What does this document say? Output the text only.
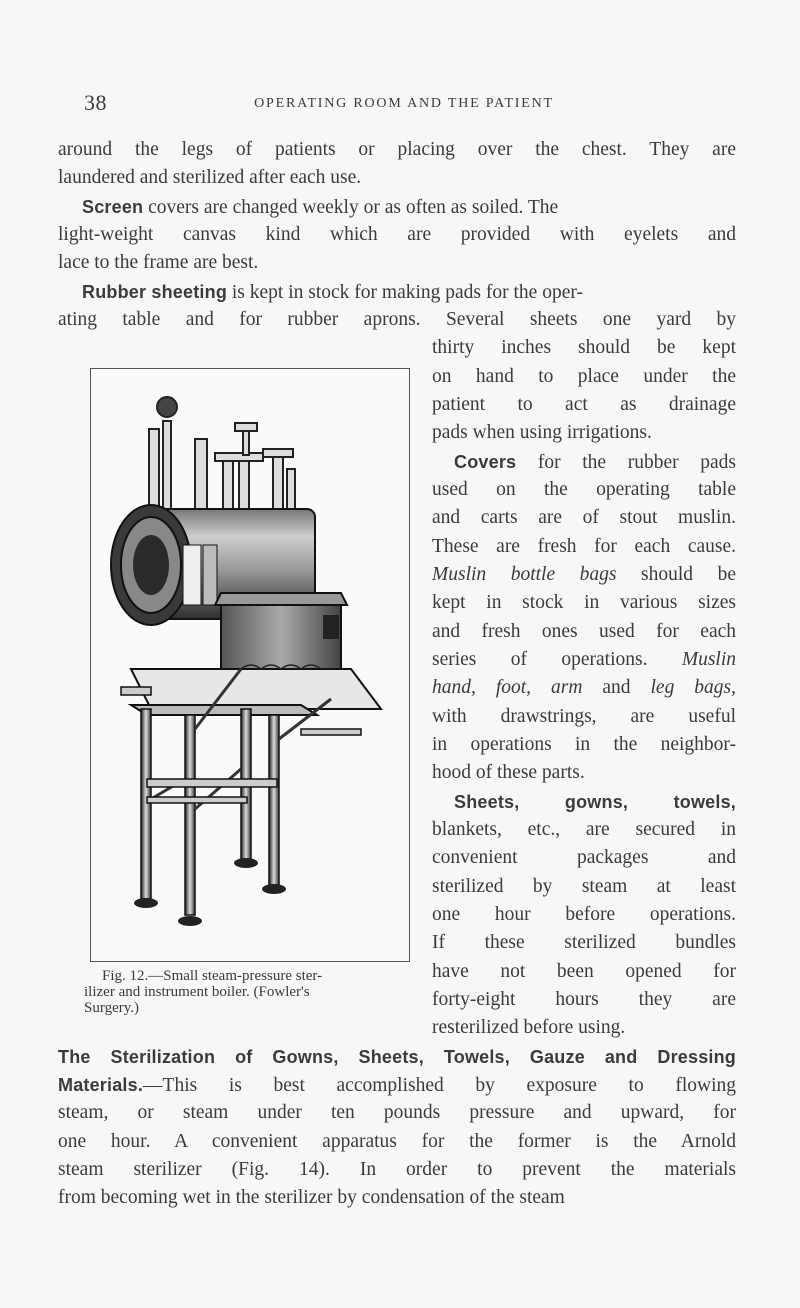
38	OPERATING ROOM AND THE PATIENT
around the legs of patients or placing over the chest. They are
laundered and sterilized after each use.
Screen covers are changed weekly or as often as soiled. The
light-weight canvas kind which are provided with eyelets and
lace to the frame are best.
Rubber sheeting is kept in stock for making pads for the oper-
ating table and for rubber aprons. Several sheets one yard by
Fig. 12.—Small steam-pressure ster-
ilizer and instrument boiler. (Fowler's
Surgery.)
thirty inches should be kept
on hand to place under the
patient to act as drainage
pads when using irrigations.
Covers for the rubber pads
used on the operating table
and carts are of stout muslin.
These are fresh for each cause.
Muslin bottle bags should be
kept in stock in various sizes
and fresh ones used for each
series of operations. Muslin
hand, foot, arm and leg bags,
with drawstrings, are useful
in operations in the neighbor-
hood of these parts.
Sheets, gowns, towels,
blankets, etc., are secured in
convenient packages and
sterilized by steam at least
one hour before operations.
If these sterilized bundles
have not been opened for
forty-eight hours they are
resterilized before using.
The Sterilization of Gowns, Sheets, Towels, Gauze and Dressing
Materials.—This is best accomplished by exposure to flowing
steam, or steam under ten pounds pressure and upward, for
one hour. A convenient apparatus for the former is the Arnold
steam sterilizer (Fig. 14). In order to prevent the materials
from becoming wet in the sterilizer by condensation of the steam
